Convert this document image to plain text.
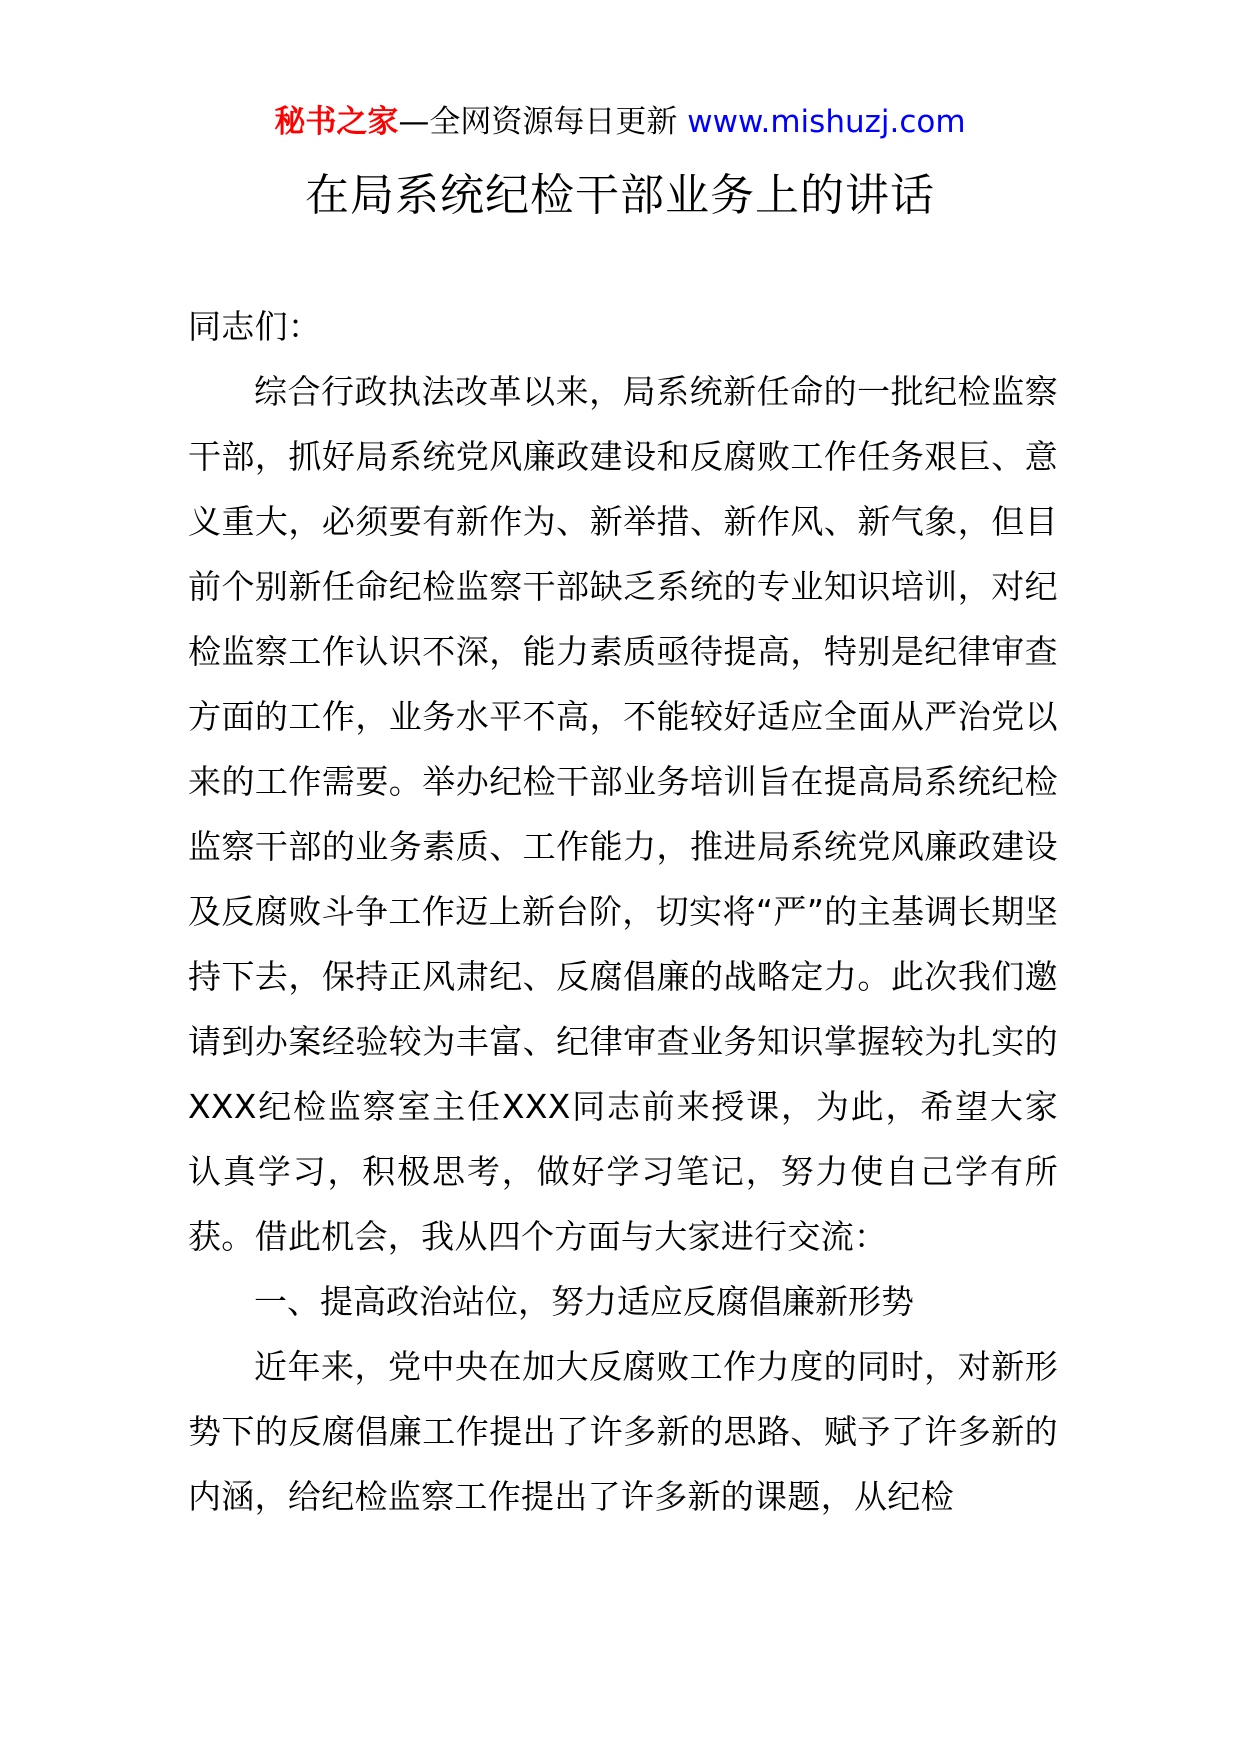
秘书之家—全网资源每日更新 www.mishuzj.com
在局系统纪检干部业务上的讲话

同志们：

综合行政执法改革以来，局系统新任命的一批纪检监察干部，抓好局系统党风廉政建设和反腐败工作任务艰巨、意义重大，必须要有新作为、新举措、新作风、新气象，但目前个别新任命纪检监察干部缺乏系统的专业知识培训，对纪检监察工作认识不深，能力素质亟待提高，特别是纪律审查方面的工作，业务水平不高，不能较好适应全面从严治党以来的工作需要。举办纪检干部业务培训旨在提高局系统纪检监察干部的业务素质、工作能力，推进局系统党风廉政建设及反腐败斗争工作迈上新台阶，切实将“严”的主基调长期坚持下去，保持正风肃纪、反腐倡廉的战略定力。此次我们邀请到办案经验较为丰富、纪律审查业务知识掌握较为扎实的XXX纪检监察室主任XXX同志前来授课，为此，希望大家认真学习，积极思考，做好学习笔记，努力使自己学有所获。借此机会，我从四个方面与大家进行交流：

一、提高政治站位，努力适应反腐倡廉新形势

近年来，党中央在加大反腐败工作力度的同时，对新形势下的反腐倡廉工作提出了许多新的思路、赋予了许多新的内涵，给纪检监察工作提出了许多新的课题，从纪检
